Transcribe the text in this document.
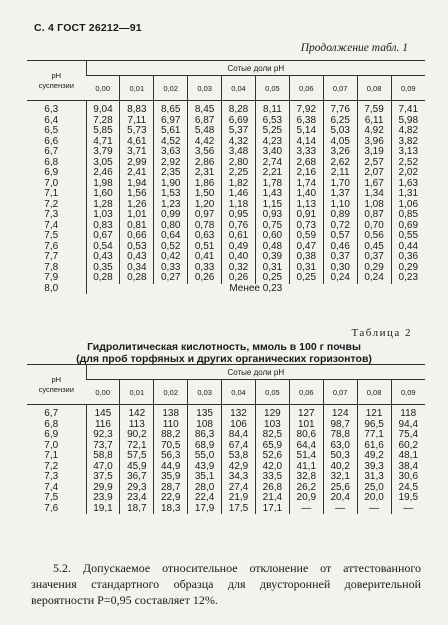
С. 4 ГОСТ 26212—91
Продолжение табл. 1
pH
суспензии	Сотые доли pH									
	0,00	0,01	0,02	0,03	0,04	0,05	0,06	0,07	0,08	0,09
6,3	9,04	8,83	8,65	8,45	8,28	8,11	7,92	7,76	7,59	7,41
6,4	7,28	7,11	6,97	6,87	6,69	6,53	6,38	6,25	6,11	5,98
6,5	5,85	5,73	5,61	5,48	5,37	5,25	5,14	5,03	4,92	4,82
6,6	4,71	4,61	4,52	4,42	4,32	4,23	4,14	4,05	3,96	3,82
6,7	3,79	3,71	3,63	3,56	3,48	3,40	3,33	3,26	3,19	3,13
6,8	3,05	2,99	2,92	2,86	2,80	2,74	2,68	2,62	2,57	2,52
6,9	2,46	2,41	2,35	2,31	2,25	2,21	2,16	2,11	2,07	2,02
7,0	1,98	1,94	1,90	1,86	1,82	1,78	1,74	1,70	1,67	1,63
7,1	1,60	1,56	1,53	1,50	1,46	1,43	1,40	1,37	1,34	1,31
7,2	1,28	1,26	1,23	1,20	1,18	1,15	1,13	1,10	1,08	1,06
7,3	1,03	1,01	0,99	0,97	0,95	0,93	0,91	0,89	0,87	0,85
7,4	0,83	0,81	0,80	0,78	0,76	0,75	0,73	0,72	0,70	0,69
7,5	0,67	0,66	0,64	0,63	0,61	0,60	0,59	0,57	0,56	0,55
7,6	0,54	0,53	0,52	0,51	0,49	0,48	0,47	0,46	0,45	0,44
7,7	0,43	0,43	0,42	0,41	0,40	0,39	0,38	0,37	0,37	0,36
7,8	0,35	0,34	0,33	0,33	0,32	0,31	0,31	0,30	0,29	0,29
7,9	0,28	0,28	0,27	0,26	0,26	0,25	0,25	0,24	0,24	0,23
8,0	Менее 0,23									
Таблица 2
Гидролитическая кислотность, ммоль в 100 г почвы
(для проб торфяных и других органических горизонтов)
pH
суспензии	Сотые доли pH									
	0,00	0,01	0,02	0,03	0,04	0,05	0,06	0,07	0,08	0,09
6,7	145	142	138	135	132	129	127	124	121	118
6,8	116	113	110	108	106	103	101	98,7	96,5	94,4
6,9	92,3	90,2	88,2	86,3	84,4	82,5	80,6	78,8	77,1	75,4
7,0	73,7	72,1	70,5	68,9	67,4	65,9	64,4	63,0	61,6	60,2
7,1	58,8	57,5	56,3	55,0	53,8	52,6	51,4	50,3	49,2	48,1
7,2	47,0	45,9	44,9	43,9	42,9	42,0	41,1	40,2	39,3	38,4
7,3	37,5	36,7	35,9	35,1	34,3	33,5	32,8	32,1	31,3	30,6
7,4	29,9	29,3	28,7	28,0	27,4	26,8	26,2	25,6	25,0	24,5
7,5	23,9	23,4	22,9	22,4	21,9	21,4	20,9	20,4	20,0	19,5
7,6	19,1	18,7	18,3	17,9	17,5	17,1	—	—	—	—
5.2. Допускаемое относительное отклонение от аттестованного значения стандартного образца для двусторонней доверительной вероятности P=0,95 составляет 12%.
